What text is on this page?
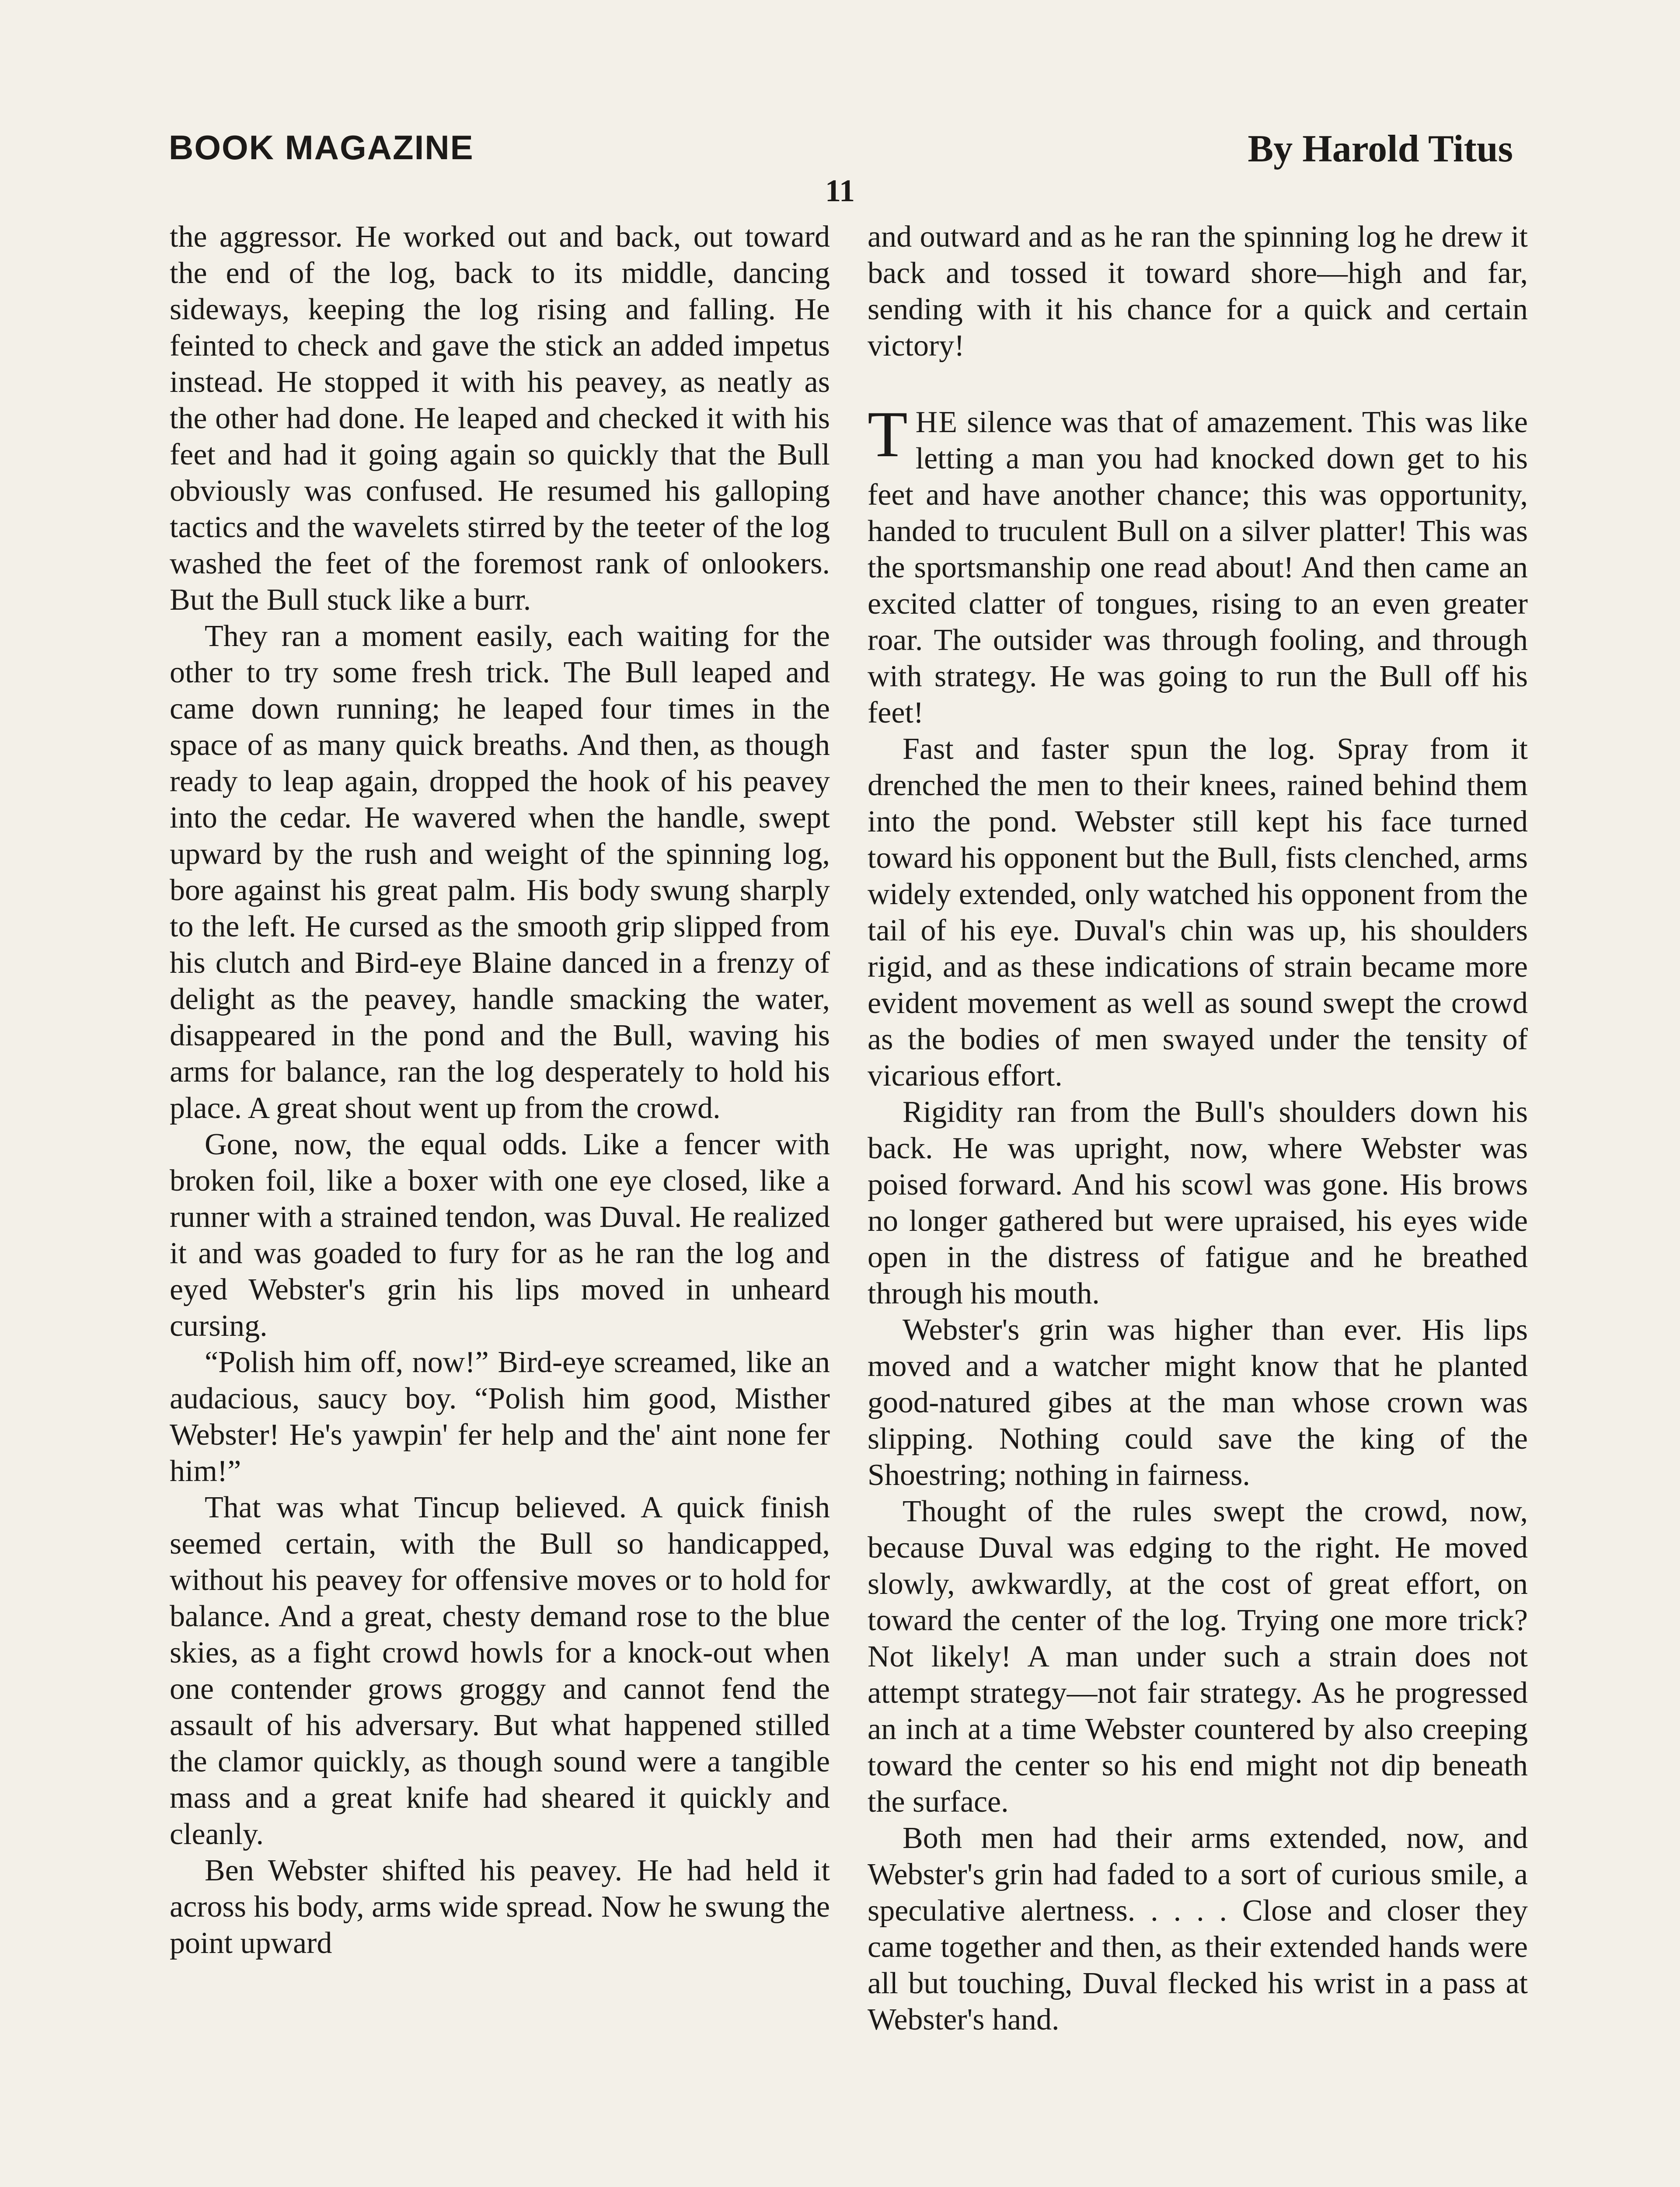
BOOK MAGAZINE	By Harold Titus
11

the aggressor. He worked out and back, out toward the end of the log, back to its middle, dancing sideways, keeping the log rising and falling. He feinted to check and gave the stick an added impetus instead. He stopped it with his peavey, as neatly as the other had done. He leaped and checked it with his feet and had it going again so quickly that the Bull obviously was confused. He resumed his galloping tactics and the wavelets stirred by the teeter of the log washed the feet of the foremost rank of onlookers. But the Bull stuck like a burr.

They ran a moment easily, each waiting for the other to try some fresh trick. The Bull leaped and came down running; he leaped four times in the space of as many quick breaths. And then, as though ready to leap again, dropped the hook of his peavey into the cedar. He wavered when the handle, swept upward by the rush and weight of the spinning log, bore against his great palm. His body swung sharply to the left. He cursed as the smooth grip slipped from his clutch and Bird-eye Blaine danced in a frenzy of delight as the peavey, handle smacking the water, disappeared in the pond and the Bull, waving his arms for balance, ran the log desperately to hold his place. A great shout went up from the crowd.

Gone, now, the equal odds. Like a fencer with broken foil, like a boxer with one eye closed, like a runner with a strained tendon, was Duval. He realized it and was goaded to fury for as he ran the log and eyed Webster's grin his lips moved in unheard cursing.

“Polish him off, now!” Bird-eye screamed, like an audacious, saucy boy. “Polish him good, Misther Webster! He's yawpin' fer help and the' aint none fer him!”

That was what Tincup believed. A quick finish seemed certain, with the Bull so handicapped, without his peavey for offensive moves or to hold for balance. And a great, chesty demand rose to the blue skies, as a fight crowd howls for a knock-out when one contender grows groggy and cannot fend the assault of his adversary. But what happened stilled the clamor quickly, as though sound were a tangible mass and a great knife had sheared it quickly and cleanly.

Ben Webster shifted his peavey. He had held it across his body, arms wide spread. Now he swung the point upward

and outward and as he ran the spinning log he drew it back and tossed it toward shore—high and far, sending with it his chance for a quick and certain victory!

THE silence was that of amazement. This was like letting a man you had knocked down get to his feet and have another chance; this was opportunity, handed to truculent Bull on a silver platter! This was the sportsmanship one read about! And then came an excited clatter of tongues, rising to an even greater roar. The outsider was through fooling, and through with strategy. He was going to run the Bull off his feet!

Fast and faster spun the log. Spray from it drenched the men to their knees, rained behind them into the pond. Webster still kept his face turned toward his opponent but the Bull, fists clenched, arms widely extended, only watched his opponent from the tail of his eye. Duval's chin was up, his shoulders rigid, and as these indications of strain became more evident movement as well as sound swept the crowd as the bodies of men swayed under the tensity of vicarious effort.

Rigidity ran from the Bull's shoulders down his back. He was upright, now, where Webster was poised forward. And his scowl was gone. His brows no longer gathered but were upraised, his eyes wide open in the distress of fatigue and he breathed through his mouth.

Webster's grin was higher than ever. His lips moved and a watcher might know that he planted good-natured gibes at the man whose crown was slipping. Nothing could save the king of the Shoestring; nothing in fairness.

Thought of the rules swept the crowd, now, because Duval was edging to the right. He moved slowly, awkwardly, at the cost of great effort, on toward the center of the log. Trying one more trick? Not likely! A man under such a strain does not attempt strategy—not fair strategy. As he progressed an inch at a time Webster countered by also creeping toward the center so his end might not dip beneath the surface.

Both men had their arms extended, now, and Webster's grin had faded to a sort of curious smile, a speculative alertness. . . . . Close and closer they came together and then, as their extended hands were all but touching, Duval flecked his wrist in a pass at Webster's hand.
